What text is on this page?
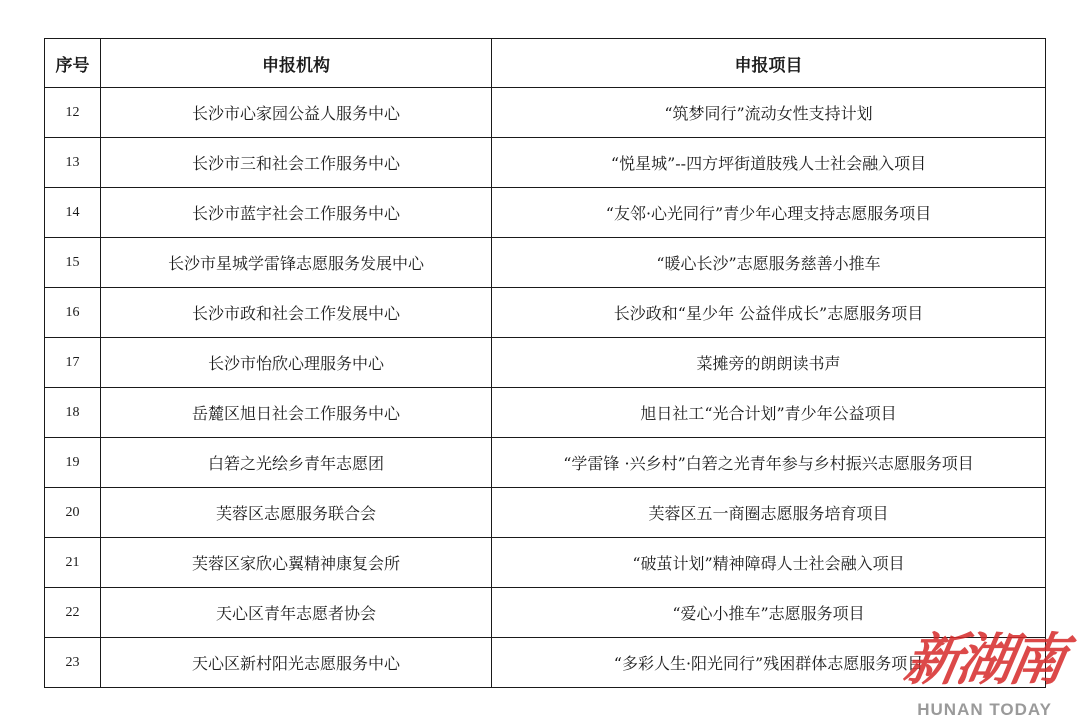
序号	申报机构	申报项目
12	长沙市心家园公益人服务中心	“筑梦同行”流动女性支持计划
13	长沙市三和社会工作服务中心	“悦星城”--四方坪街道肢残人士社会融入项目
14	长沙市蓝宇社会工作服务中心	“友邻·心光同行”青少年心理支持志愿服务项目
15	长沙市星城学雷锋志愿服务发展中心	“暖心长沙”志愿服务慈善小推车
16	长沙市政和社会工作发展中心	长沙政和“星少年 公益伴成长”志愿服务项目
17	长沙市怡欣心理服务中心	菜摊旁的朗朗读书声
18	岳麓区旭日社会工作服务中心	旭日社工“光合计划”青少年公益项目
19	白箬之光绘乡青年志愿团	“学雷锋 ·兴乡村”白箬之光青年参与乡村振兴志愿服务项目
20	芙蓉区志愿服务联合会	芙蓉区五一商圈志愿服务培育项目
21	芙蓉区家欣心翼精神康复会所	“破茧计划”精神障碍人士社会融入项目
22	天心区青年志愿者协会	“爱心小推车”志愿服务项目
23	天心区新村阳光志愿服务中心	“多彩人生·阳光同行”残困群体志愿服务项目
新湖南
HUNAN TODAY
